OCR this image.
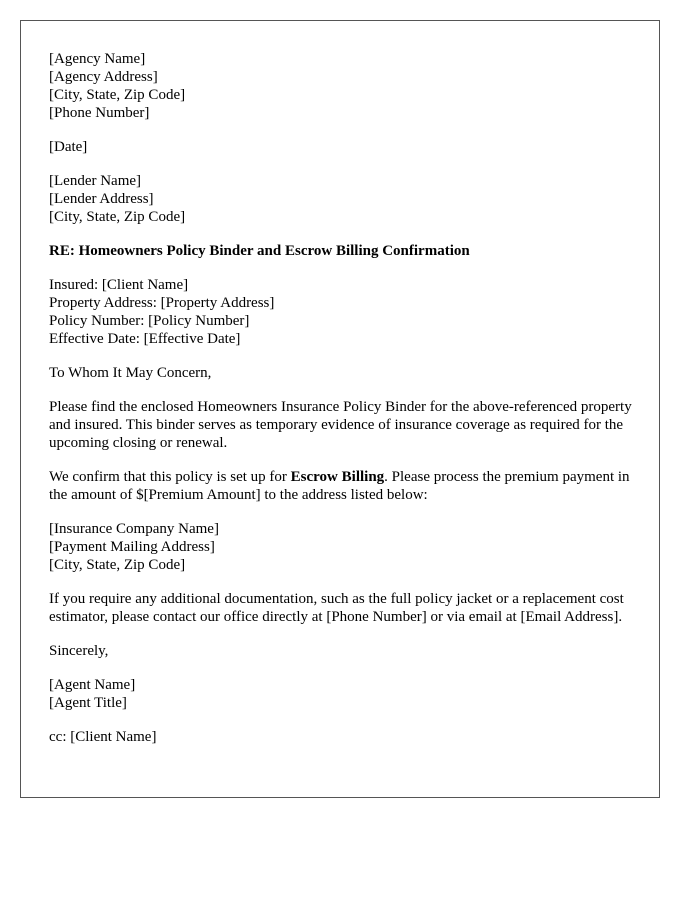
[Agency Name]
[Agency Address]
[City, State, Zip Code]
[Phone Number]
[Date]
[Lender Name]
[Lender Address]
[City, State, Zip Code]
RE: Homeowners Policy Binder and Escrow Billing Confirmation
Insured: [Client Name]
Property Address: [Property Address]
Policy Number: [Policy Number]
Effective Date: [Effective Date]

To Whom It May Concern,

Please find the enclosed Homeowners Insurance Policy Binder for the above-referenced property and insured. This binder serves as temporary evidence of insurance coverage as required for the upcoming closing or renewal.

We confirm that this policy is set up for Escrow Billing. Please process the premium payment in the amount of $[Premium Amount] to the address listed below:

[Insurance Company Name]
[Payment Mailing Address]
[City, State, Zip Code]

If you require any additional documentation, such as the full policy jacket or a replacement cost estimator, please contact our office directly at [Phone Number] or via email at [Email Address].

Sincerely,

[Agent Name]
[Agent Title]
cc: [Client Name]
